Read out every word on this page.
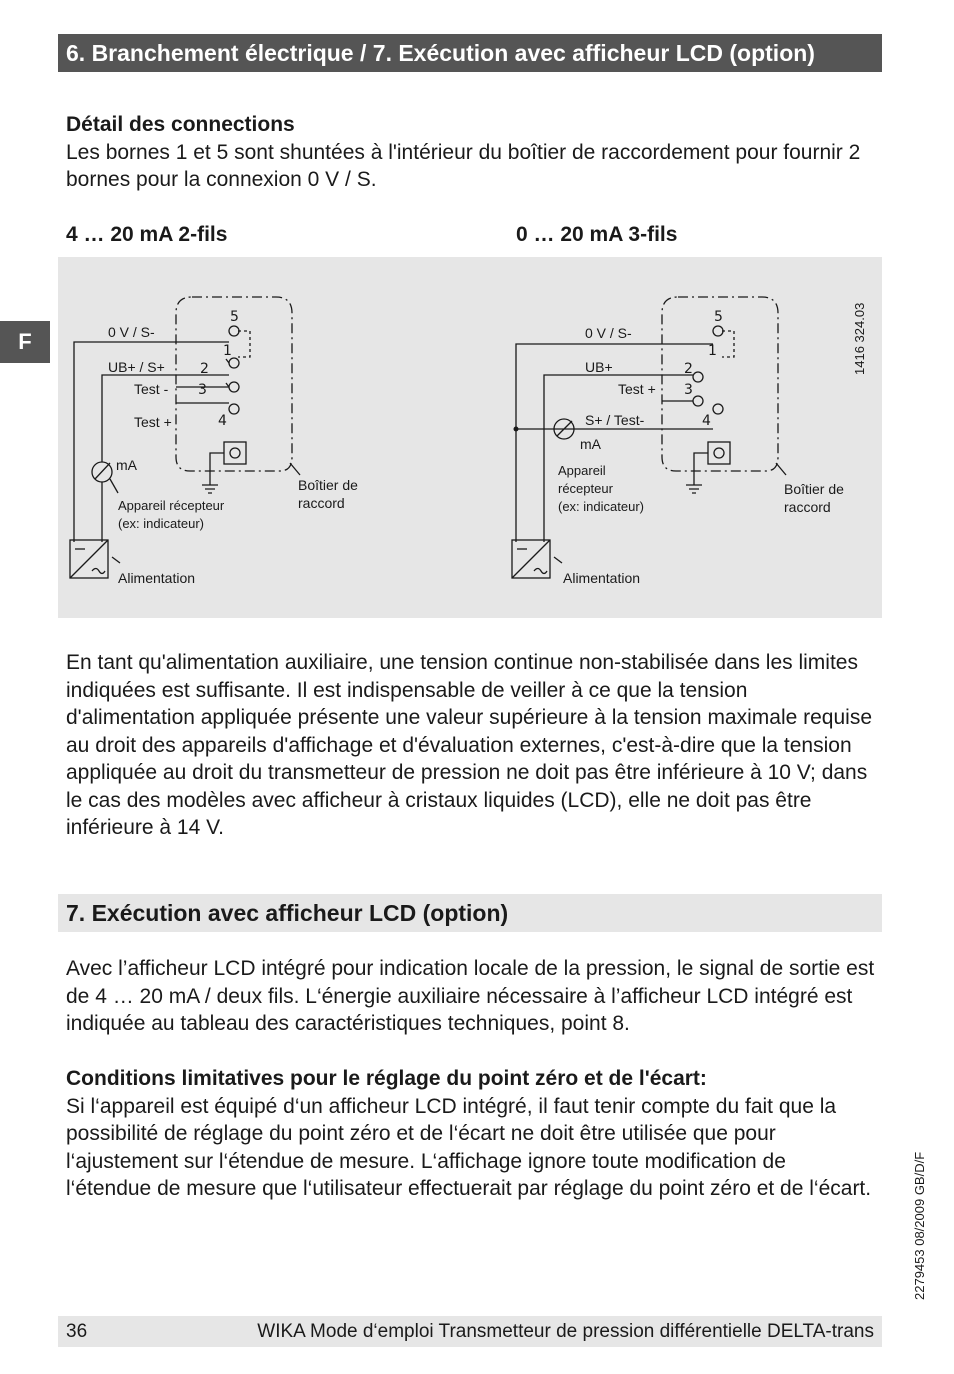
6. Branchement électrique / 7. Exécution avec afficheur LCD (option)
F

Détail des connections

Les bornes 1 et 5 sont shuntées à l'intérieur du boîtier de raccordement pour fournir 2 bornes pour la connexion 0 V / S.

4 … 20 mA 2-fils	0 … 20 mA 3-fils
0 V / S-
UB+ / S+
Test -
Test +
mA
Appareil récepteur
(ex: indicateur)
Boîtier de
raccord
Alimentation
5
1
2
3
4
0 V / S-
UB+
Test +
S+ / Test-
mA
Appareil
récepteur
(ex: indicateur)
Boîtier de
raccord
Alimentation
5
1
2
3
4
1416 324.03

En tant qu'alimentation auxiliaire, une tension continue non-stabilisée dans les limites indiquées est suffisante. Il est indispensable de veiller à ce que la tension d'alimentation appliquée présente une valeur supérieure à la tension maximale requise au droit des appareils d'affichage et d'évaluation externes, c'est-à-dire que la tension appliquée au droit du transmetteur de pression ne doit pas être inférieure à 10 V; dans le cas des modèles avec afficheur à cristaux liquides (LCD), elle ne doit pas être inférieure à 14 V.

7. Exécution avec afficheur LCD (option)

Avec l’afficheur LCD intégré pour indication locale de la pression, le signal de sortie est de 4 … 20 mA / deux fils. L‘énergie auxiliaire nécessaire à l’afficheur LCD intégré est indiquée au tableau des caractéristiques techniques, point 8.

Conditions limitatives pour le réglage du point zéro et de l'écart:

Si l‘appareil est équipé d‘un afficheur LCD intégré, il faut tenir compte du fait que la possibilité de réglage du point zéro et de l‘écart ne doit être utilisée que pour l‘ajustement sur l‘étendue de mesure. L‘affichage ignore toute modification de l‘étendue de mesure que l‘utilisateur effectuerait par réglage du point zéro et de l‘écart.	2279453 08/2009 GB/D/F
36	WIKA Mode d‘emploi Transmetteur de pression différentielle DELTA-trans
